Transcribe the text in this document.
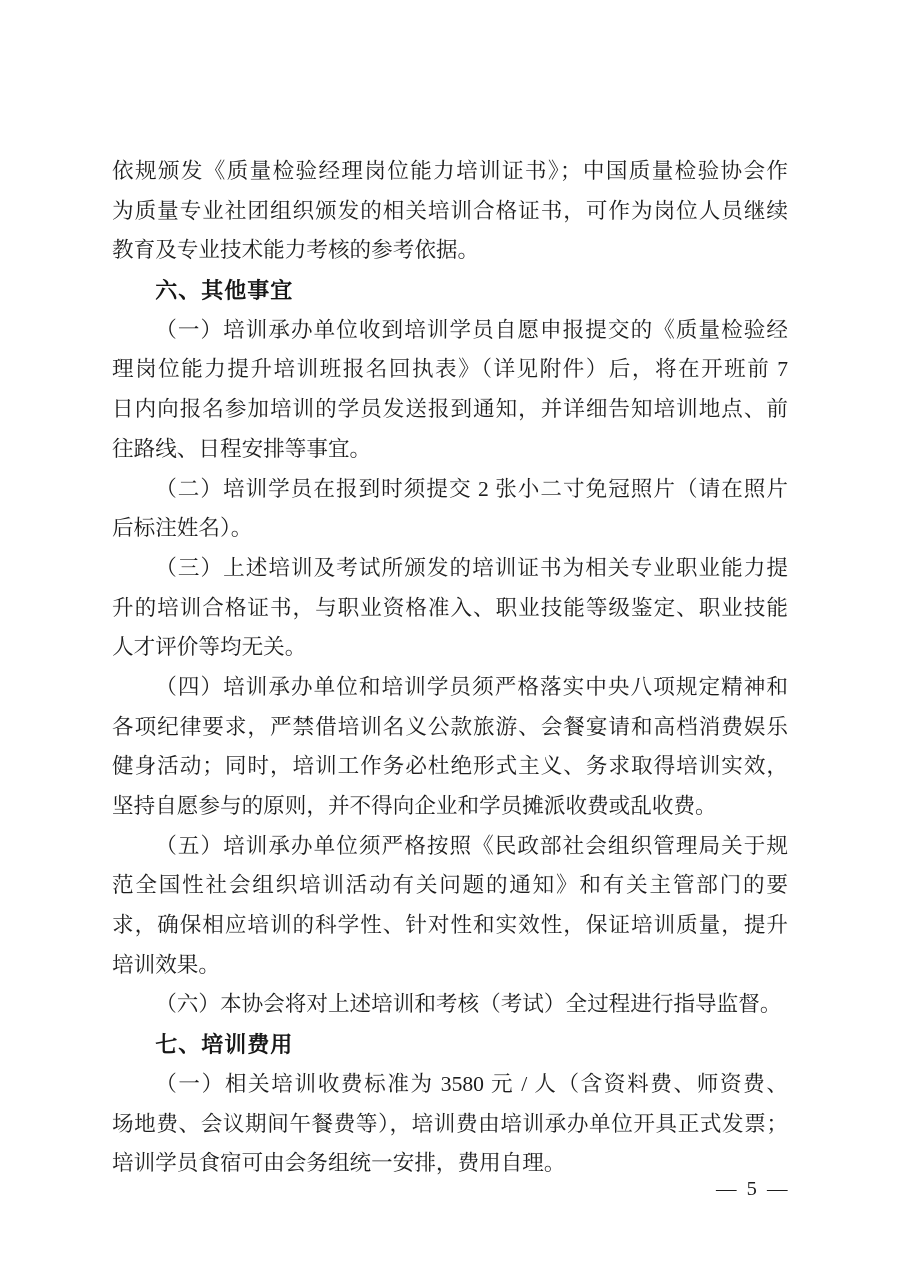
依规颁发《质量检验经理岗位能力培训证书》；中国质量检验协会作
为质量专业社团组织颁发的相关培训合格证书，可作为岗位人员继续
教育及专业技术能力考核的参考依据。
六、其他事宜
（一）培训承办单位收到培训学员自愿申报提交的《质量检验经
理岗位能力提升培训班报名回执表》（详见附件）后，将在开班前 7
日内向报名参加培训的学员发送报到通知，并详细告知培训地点、前
往路线、日程安排等事宜。
（二）培训学员在报到时须提交 2 张小二寸免冠照片（请在照片
后标注姓名）。
（三）上述培训及考试所颁发的培训证书为相关专业职业能力提
升的培训合格证书，与职业资格准入、职业技能等级鉴定、职业技能
人才评价等均无关。
（四）培训承办单位和培训学员须严格落实中央八项规定精神和
各项纪律要求，严禁借培训名义公款旅游、会餐宴请和高档消费娱乐
健身活动；同时，培训工作务必杜绝形式主义、务求取得培训实效，
坚持自愿参与的原则，并不得向企业和学员摊派收费或乱收费。
（五）培训承办单位须严格按照《民政部社会组织管理局关于规
范全国性社会组织培训活动有关问题的通知》和有关主管部门的要
求，确保相应培训的科学性、针对性和实效性，保证培训质量，提升
培训效果。
（六）本协会将对上述培训和考核（考试）全过程进行指导监督。
七、培训费用
（一）相关培训收费标准为 3580 元 / 人（含资料费、师资费、
场地费、会议期间午餐费等），培训费由培训承办单位开具正式发票；
培训学员食宿可由会务组统一安排，费用自理。
— 5 —
